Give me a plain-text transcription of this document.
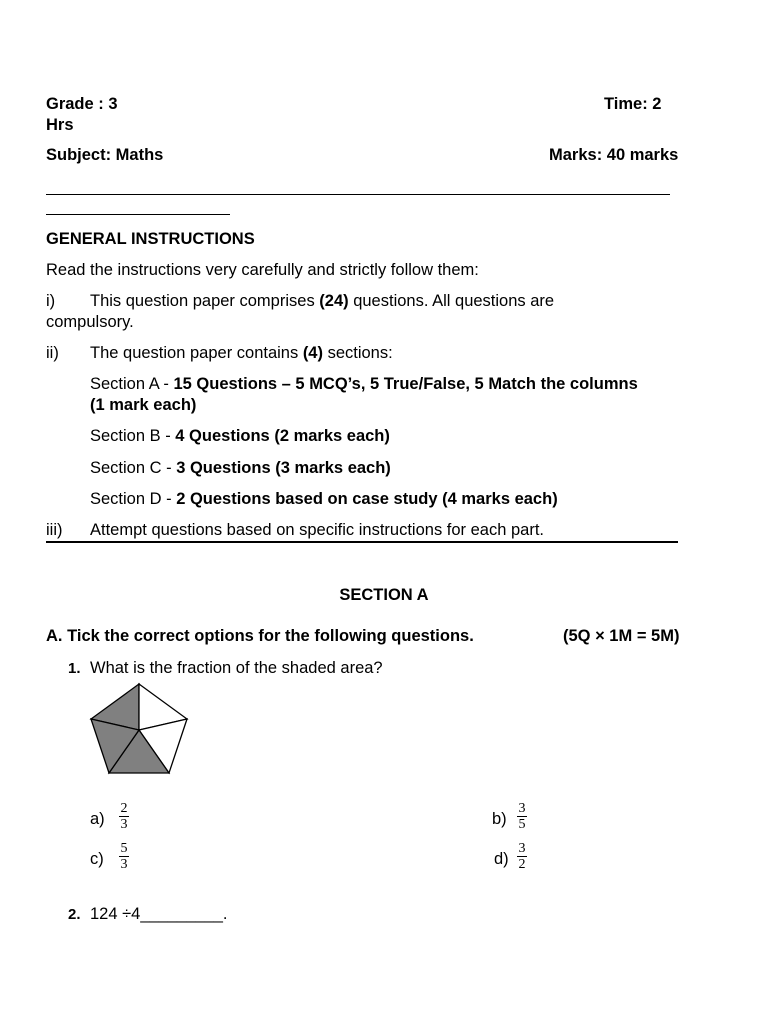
Grade : 3	Time: 2
Hrs
Subject: Maths	Marks: 40 marks
GENERAL INSTRUCTIONS
Read the instructions very carefully and strictly follow them:
i) This question paper comprises (24) questions. All questions are
compulsory.
ii) The question paper contains (4) sections:
Section A - 15 Questions – 5 MCQ’s, 5 True/False, 5 Match the columns
(1 mark each)
Section B - 4 Questions (2 marks each)
Section C - 3 Questions (3 marks each)
Section D - 2 Questions based on case study (4 marks each)
iii) Attempt questions based on specific instructions for each part.
SECTION A
A. Tick the correct options for the following questions.	(5Q × 1M = 5M)
1. What is the fraction of the shaded area?
a)
2
3	b)
3
5
c)
5
3	d)
3
2
2. 124 ÷4_________.
